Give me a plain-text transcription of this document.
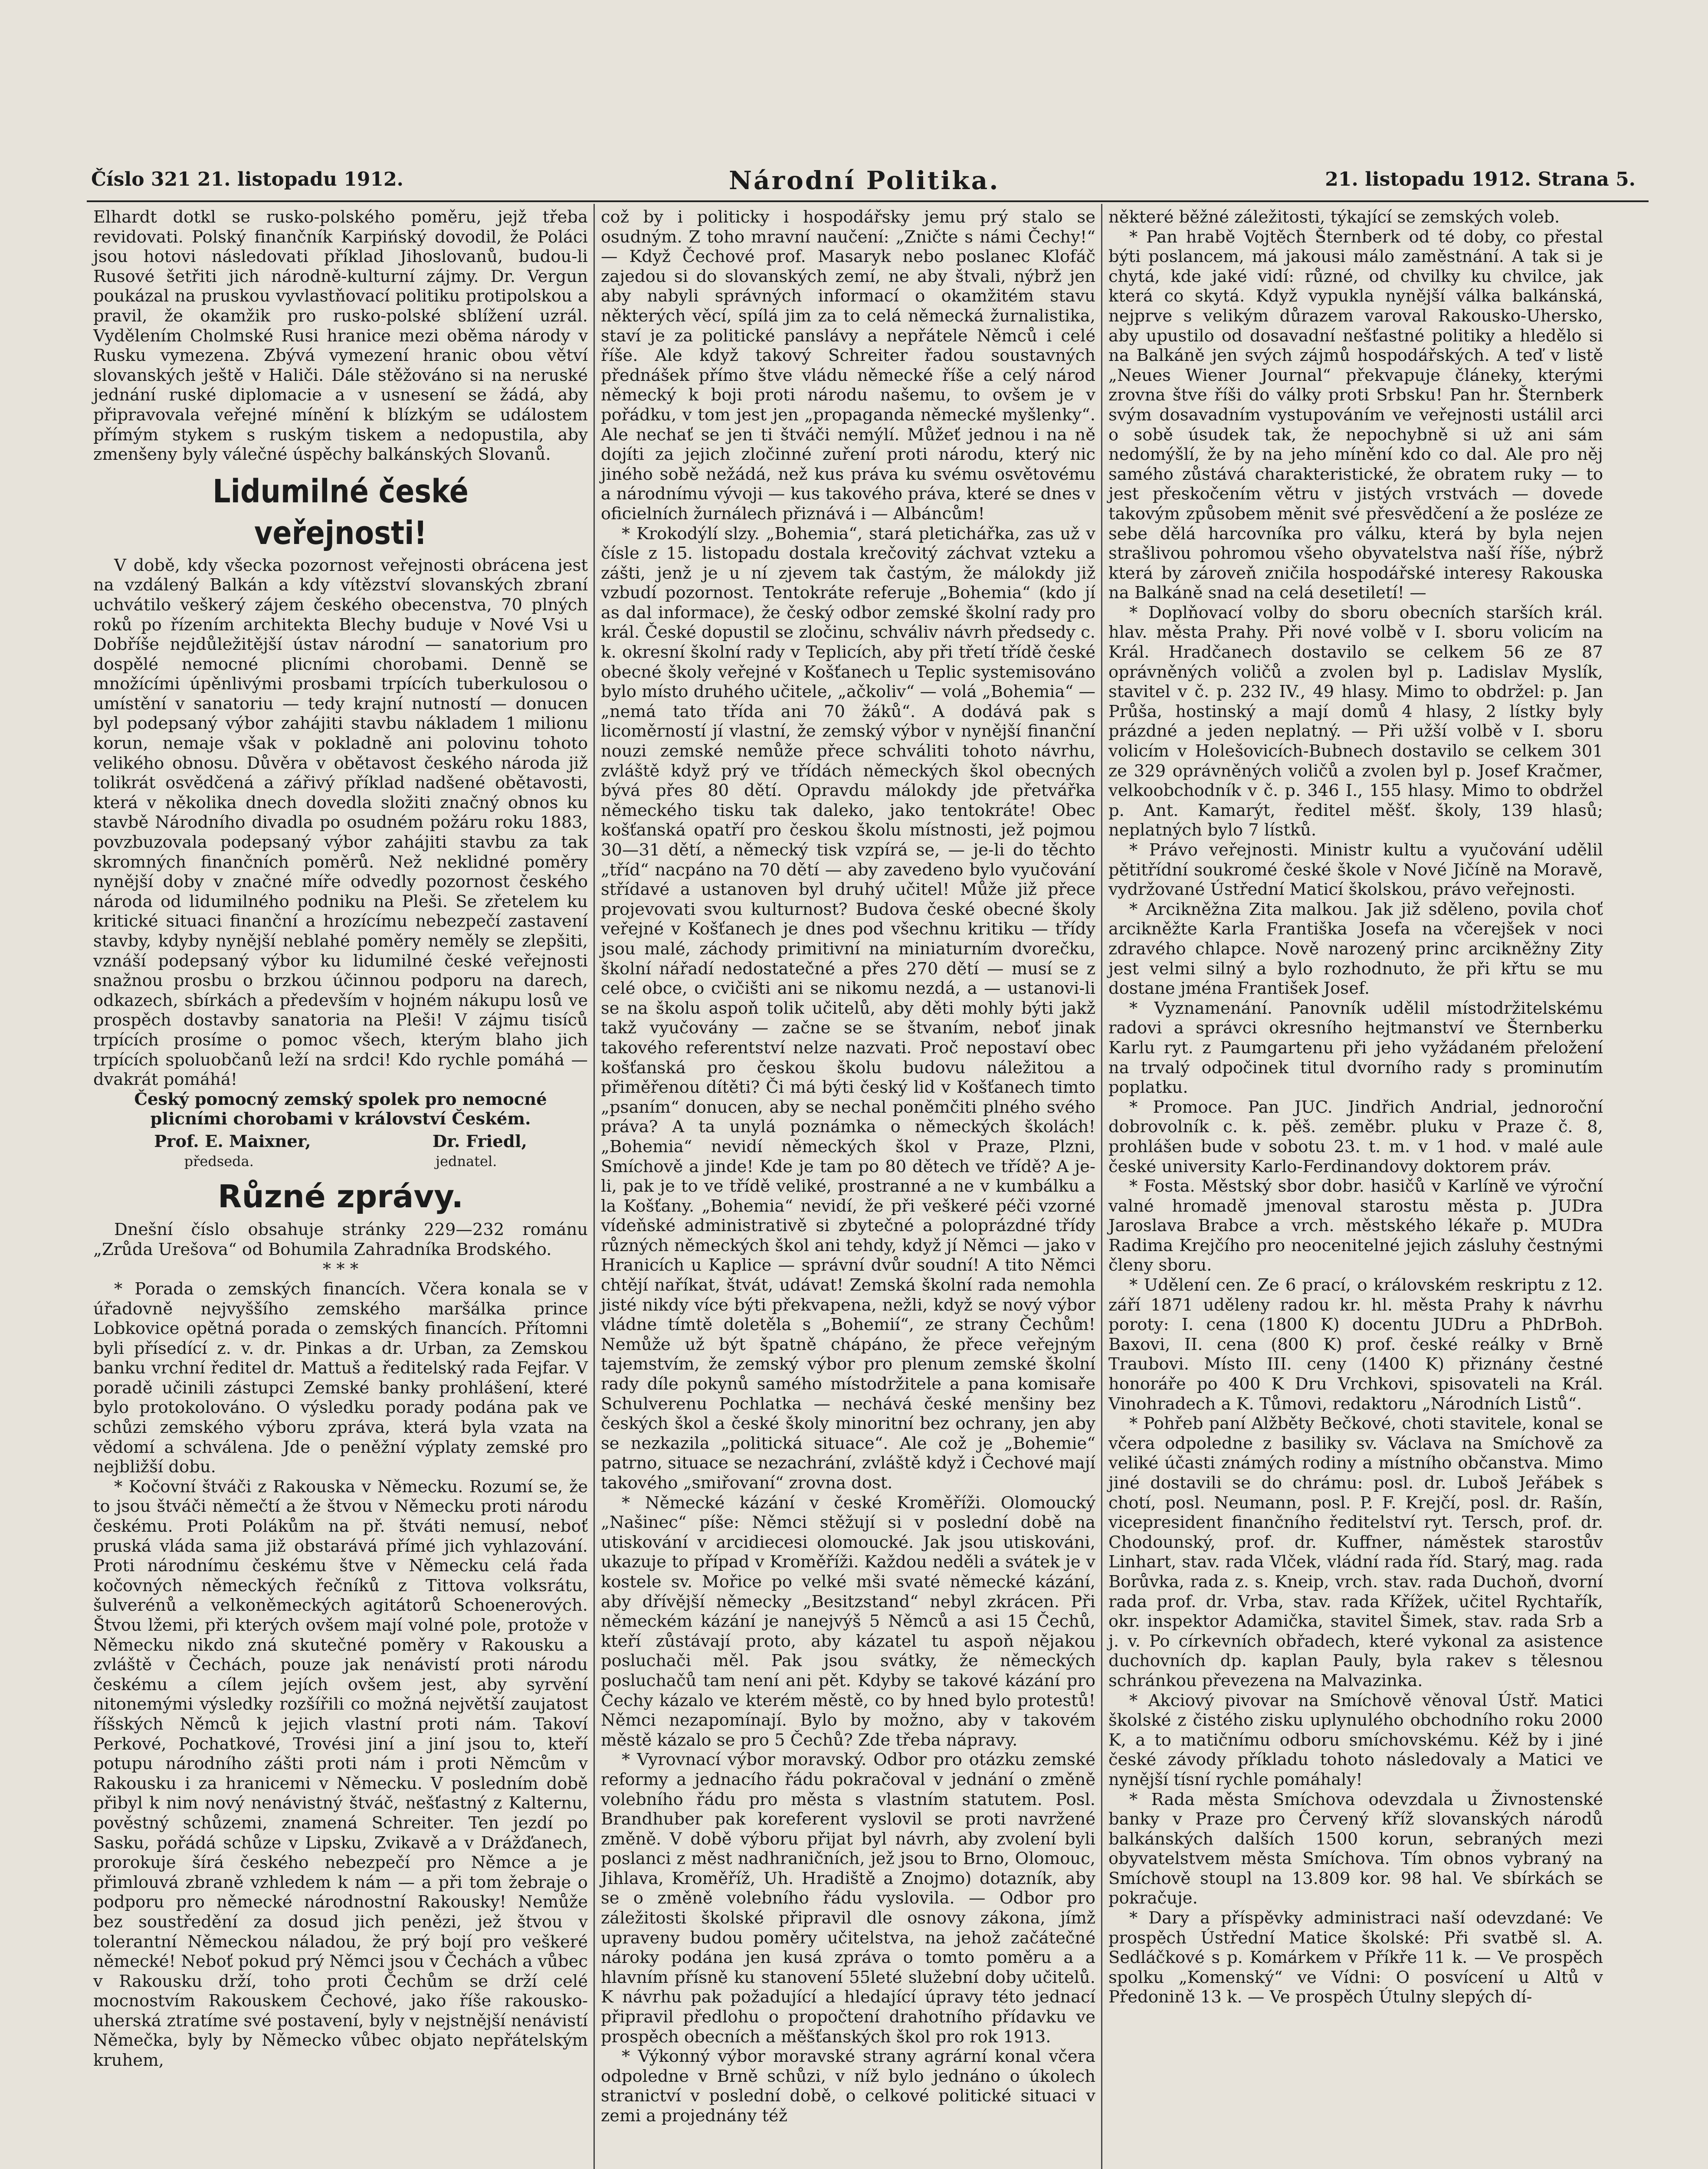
Číslo 321 21. listopadu 1912.	Národní Politika.	21. listopadu 1912. Strana 5.

Elhardt dotkl se rusko-polského poměru, jejž třeba revidovati. Polský finančník Karpińský dovodil, že Poláci jsou hotovi následovati příklad Jihoslovanů, budou-li Rusové šetřiti jich národně-kulturní zájmy. Dr. Vergun poukázal na pruskou vyvlastňovací politiku protipolskou a pravil, že okamžik pro rusko-polské sblížení uzrál. Vydělením Cholmské Rusi hranice mezi oběma národy v Rusku vymezena. Zbývá vymezení hranic obou větví slovanských ještě v Haliči. Dále stěžováno si na neruské jednání ruské diplomacie a v usnesení se žádá, aby připravovala veřejné mínění k blízkým se událostem přímým stykem s ruským tiskem a nedopustila, aby zmenšeny byly válečné úspěchy balkánských Slovanů.

Lidumilné české veřejnosti!

V době, kdy všecka pozornost veřejnosti obrácena jest na vzdálený Balkán a kdy vítězství slovanských zbraní uchvátilo veškerý zájem českého obecenstva, 70 plných roků po řízením architekta Blechy buduje v Nové Vsi u Dobříše nejdůležitější ústav národní — sanatorium pro dospělé nemocné plicními chorobami. Denně se množícími úpěnlivými prosbami trpících tuberkulosou o umístění v sanatoriu — tedy krajní nutností — donucen byl podepsaný výbor zahájiti stavbu nákladem 1 milionu korun, nemaje však v pokladně ani polovinu tohoto velikého obnosu. Důvěra v obětavost českého národa již tolikrát osvědčená a zářivý příklad nadšené obětavosti, která v několika dnech dovedla složiti značný obnos ku stavbě Národního divadla po osudném požáru roku 1883, povzbuzovala podepsaný výbor zahájiti stavbu za tak skromných finančních poměrů. Než neklidné poměry nynější doby v značné míře odvedly pozornost českého národa od lidumilného podniku na Pleši. Se zřetelem ku kritické situaci finanční a hrozícímu nebezpečí zastavení stavby, kdyby nynější neblahé poměry neměly se zlepšiti, vznáší podepsaný výbor ku lidumilné české veřejnosti snažnou prosbu o brzkou účinnou podporu na darech, odkazech, sbírkách a především v hojném nákupu losů ve prospěch dostavby sanatoria na Pleši! V zájmu tisíců trpících prosíme o pomoc všech, kterým blaho jich trpících spoluobčanů leží na srdci! Kdo rychle pomáhá — dvakrát pomáhá!

Český pomocný zemský spolek pro nemocné plicními chorobami v království Českém.

Prof. E. Maixner,	Dr. Friedl,
předseda.	jednatel.
Různé zprávy.

Dnešní číslo obsahuje stránky 229—232 románu „Zrůda Urešova“ od Bohumila Zahradníka Brodského.

* * *

* Porada o zemských financích. Včera konala se v úřadovně nejvyššího zemského maršálka prince Lobkovice opětná porada o zemských financích. Přítomni byli přísedící z. v. dr. Pinkas a dr. Urban, za Zemskou banku vrchní ředitel dr. Mattuš a ředitelský rada Fejfar. V poradě učinili zástupci Zemské banky prohlášení, které bylo protokolováno. O výsledku porady podána pak ve schůzi zemského výboru zpráva, která byla vzata na vědomí a schválena. Jde o peněžní výplaty zemské pro nejbližší dobu.

* Kočovní štváči z Rakouska v Německu. Rozumí se, že to jsou štváči němečtí a že štvou v Německu proti národu českému. Proti Polákům na př. štváti nemusí, neboť pruská vláda sama již obstarává přímé jich vyhlazování. Proti národnímu českému štve v Německu celá řada kočovných německých řečníků z Tittova volksrátu, šulverénů a velkoněmeckých agitátorů Schoenerových. Štvou lžemi, při kterých ovšem mají volné pole, protože v Německu nikdo zná skutečné poměry v Rakousku a zvláště v Čechách, pouze jak nenávistí proti národu českému a cílem jejích ovšem jest, aby syrvění nitonemými výsledky rozšířili co možná největší zaujatost říšských Němců k jejich vlastní proti nám. Takoví Perkové, Pochatkové, Trovési jiní a jiní jsou to, kteří potupu národního zášti proti nám i proti Němcům v Rakousku i za hranicemi v Německu. V posledním době přibyl k nim nový nenávistný štváč, nešťastný z Kalternu, pověstný schůzemi, znamená Schreiter. Ten jezdí po Sasku, pořádá schůze v Lipsku, Zvikavě a v Drážďanech, prorokuje šírá českého nebezpečí pro Němce a je přimlouvá zbraně vzhledem k nám — a při tom žebraje o podporu pro německé národnostní Rakousky! Nemůže bez soustředění za dosud jich penězi, jež štvou v tolerantní Německou náladou, že prý bojí pro veškeré německé! Neboť pokud prý Němci jsou v Čechách a vůbec v Rakousku drží, toho proti Čechům se drží celé mocnostvím Rakouskem Čechové, jako říše rakousko-uherská ztratíme své postavení, byly v nejstnější nenávistí Němečka, byly by Německo vůbec objato nepřátelským kruhem,

což by i politicky i hospodářsky jemu prý stalo se osudným. Z toho mravní naučení: „Zničte s námi Čechy!“ — Když Čechové prof. Masaryk nebo poslanec Klofáč zajedou si do slovanských zemí, ne aby štvali, nýbrž jen aby nabyli správných informací o okamžitém stavu některých věcí, spílá jim za to celá německá žurnalistika, staví je za politické panslávy a nepřátele Němců i celé říše. Ale když takový Schreiter řadou soustavných přednášek přímo štve vládu německé říše a celý národ německý k boji proti národu našemu, to ovšem je v pořádku, v tom jest jen „propaganda německé myšlenky“. Ale nechať se jen ti štváči nemýlí. Můžeť jednou i na ně dojíti za jejich zločinné zuření proti národu, který nic jiného sobě nežádá, než kus práva ku svému osvětovému a národnímu vývoji — kus takového práva, které se dnes v oficielních žurnálech přiznává i — Albáncům!

* Krokodýlí slzy. „Bohemia“, stará pletichářka, zas už v čísle z 15. listopadu dostala krečovitý záchvat vzteku a zášti, jenž je u ní zjevem tak častým, že málokdy již vzbudí pozornost. Tentokráte referuje „Bohemia“ (kdo jí as dal informace), že český odbor zemské školní rady pro král. České dopustil se zločinu, schváliv návrh předsedy c. k. okresní školní rady v Teplicích, aby při třetí třídě české obecné školy veřejné v Košťanech u Teplic systemisováno bylo místo druhého učitele, „ačkoliv“ — volá „Bohemia“ — „nemá tato třída ani 70 žáků“. A dodává pak s licoměrností jí vlastní, že zemský výbor v nynější finanční nouzi zemské nemůže přece schváliti tohoto návrhu, zvláště když prý ve třídách německých škol obecných bývá přes 80 dětí. Opravdu málokdy jde přetvářka německého tisku tak daleko, jako tentokráte! Obec košťanská opatří pro českou školu místnosti, jež pojmou 30—31 dětí, a německý tisk vzpírá se, — je-li do těchto „tříd“ nacpáno na 70 dětí — aby zavedeno bylo vyučování střídavé a ustanoven byl druhý učitel! Může již přece projevovati svou kulturnost? Budova české obecné školy veřejné v Košťanech je dnes pod všechnu kritiku — třídy jsou malé, záchody primitivní na miniaturním dvorečku, školní nářadí nedostatečné a přes 270 dětí — musí se z celé obce, o cvičišti ani se nikomu nezdá, a — ustanovi-li se na školu aspoň tolik učitelů, aby děti mohly býti jakž takž vyučovány — začne se se štvaním, neboť jinak takového referentství nelze nazvati. Proč nepostaví obec košťanská pro českou školu budovu náležitou a přiměřenou dítěti? Či má býti český lid v Košťanech timto „psaním“ donucen, aby se nechal poněmčiti plného svého práva? A ta unylá poznámka o německých školách! „Bohemia“ nevidí německých škol v Praze, Plzni, Smíchově a jinde! Kde je tam po 80 dětech ve třídě? A je-li, pak je to ve třídě veliké, prostranné a ne v kumbálku a la Košťany. „Bohemia“ nevidí, že při veškeré péči vzorné vídeňské administrativě si zbytečné a poloprázdné třídy různých německých škol ani tehdy, když jí Němci — jako v Hranicích u Kaplice — správní dvůr soudní! A tito Němci chtějí naříkat, štvát, udávat! Zemská školní rada nemohla jisté nikdy více býti překvapena, nežli, když se nový výbor vládne tímtě doletěla s „Bohemií“, ze strany Čechům! Nemůže už být špatně chápáno, že přece veřejným tajemstvím, že zemský výbor pro plenum zemské školní rady díle pokynů samého místodržitele a pana komisaře Schulverenu Pochlatka — nechává české menšiny bez českých škol a české školy minoritní bez ochrany, jen aby se nezkazila „politická situace“. Ale což je „Bohemie“ patrno, situace se nezachrání, zvláště když i Čechové mají takového „smiřovaní“ zrovna dost.

* Německé kázání v české Kroměříži. Olomoucký „Našinec“ píše: Němci stěžují si v poslední době na utiskování v arcidiecesi olomoucké. Jak jsou utiskováni, ukazuje to případ v Kroměříži. Každou neděli a svátek je v kostele sv. Mořice po velké mši svaté německé kázání, aby dřívější německy „Besitzstand“ nebyl zkrácen. Při německém kázání je nanejvýš 5 Němců a asi 15 Čechů, kteří zůstávají proto, aby kázatel tu aspoň nějakou posluchači měl. Pak jsou svátky, že německých posluchačů tam není ani pět. Kdyby se takové kázání pro Čechy kázalo ve kterém městě, co by hned bylo protestů! Němci nezapomínají. Bylo by možno, aby v takovém městě kázalo se pro 5 Čechů? Zde třeba nápravy.

* Vyrovnací výbor moravský. Odbor pro otázku zemské reformy a jednacího řádu pokračoval v jednání o změně volebního řádu pro města s vlastním statutem. Posl. Brandhuber pak koreferent vyslovil se proti navržené změně. V době výboru přijat byl návrh, aby zvolení byli poslanci z měst nadhraničních, jež jsou to Brno, Olomouc, Jihlava, Kroměříž, Uh. Hradiště a Znojmo) dotazník, aby se o změně volebního řádu vyslovila. — Odbor pro záležitosti školské připravil dle osnovy zákona, jímž upraveny budou poměry učitelstva, na jehož začátečné nároky podána jen kusá zpráva o tomto poměru a a hlavním přísně ku stanovení 55leté služební doby učitelů. K návrhu pak požadující a hledající úpravy této jednací připravil předlohu o propočtení drahotního přídavku ve prospěch obecních a měšťanských škol pro rok 1913.

* Výkonný výbor moravské strany agrární konal včera odpoledne v Brně schůzi, v níž bylo jednáno o úkolech stranictví v poslední době, o celkové politické situaci v zemi a projednány též

některé běžné záležitosti, týkající se zemských voleb.

* Pan hrabě Vojtěch Šternberk od té doby, co přestal býti poslancem, má jakousi málo zaměstnání. A tak si je chytá, kde jaké vidí: různé, od chvilky ku chvilce, jak která co skytá. Když vypukla nynější válka balkánská, nejprve s velikým důrazem varoval Rakousko-Uhersko, aby upustilo od dosavadní nešťastné politiky a hledělo si na Balkáně jen svých zájmů hospodářských. A teď v listě „Neues Wiener Journal“ překvapuje článeky, kterými zrovna štve říši do války proti Srbsku! Pan hr. Šternberk svým dosavadním vystupováním ve veřejnosti ustálil arci o sobě úsudek tak, že nepochybně si už ani sám nedomýšlí, že by na jeho mínění kdo co dal. Ale pro něj samého zůstává charakteristické, že obratem ruky — to jest přeskočením větru v jistých vrstvách — dovede takovým způsobem měnit své přesvědčení a že posléze ze sebe dělá harcovníka pro válku, která by byla nejen strašlivou pohromou všeho obyvatelstva naší říše, nýbrž která by zároveň zničila hospodářské interesy Rakouska na Balkáně snad na celá desetiletí! —

* Doplňovací volby do sboru obecních starších král. hlav. města Prahy. Při nové volbě v I. sboru volicím na Král. Hradčanech dostavilo se celkem 56 ze 87 oprávněných voličů a zvolen byl p. Ladislav Myslík, stavitel v č. p. 232 IV., 49 hlasy. Mimo to obdržel: p. Jan Průša, hostinský a mají domů 4 hlasy, 2 lístky byly prázdné a jeden neplatný. — Při užší volbě v I. sboru volicím v Holešovicích-Bubnech dostavilo se celkem 301 ze 329 oprávněných voličů a zvolen byl p. Josef Kračmer, velkoobchodník v č. p. 346 I., 155 hlasy. Mimo to obdržel p. Ant. Kamarýt, ředitel měšť. školy, 139 hlasů; neplatných bylo 7 lístků.

* Právo veřejnosti. Ministr kultu a vyučování udělil pětitřídní soukromé české škole v Nové Jičíně na Moravě, vydržované Ústřední Maticí školskou, právo veřejnosti.

* Arcikněžna Zita malkou. Jak již sděleno, povila choť arcikněžte Karla Františka Josefa na včerejšek v noci zdravého chlapce. Nově narozený princ arcikněžny Zity jest velmi silný a bylo rozhodnuto, že při křtu se mu dostane jména František Josef.

* Vyznamenání. Panovník udělil místodržitelskému radovi a správci okresního hejtmanství ve Šternberku Karlu ryt. z Paumgartenu při jeho vyžádaném přeložení na trvalý odpočinek titul dvorního rady s prominutím poplatku.

* Promoce. Pan JUC. Jindřich Andrial, jednoroční dobrovolník c. k. pěš. zeměbr. pluku v Praze č. 8, prohlášen bude v sobotu 23. t. m. v 1 hod. v malé aule české university Karlo-Ferdinandovy doktorem práv.

* Fosta. Městský sbor dobr. hasičů v Karlíně ve výroční valné hromadě jmenoval starostu města p. JUDra Jaroslava Brabce a vrch. městského lékaře p. MUDra Radima Krejčího pro neocenitelné jejich zásluhy čestnými členy sboru.

* Udělení cen. Ze 6 prací, o královském reskriptu z 12. září 1871 uděleny radou kr. hl. města Prahy k návrhu poroty: I. cena (1800 K) docentu JUDru a PhDrBoh. Baxovi, II. cena (800 K) prof. české reálky v Brně Traubovi. Místo III. ceny (1400 K) přiznány čestné honoráře po 400 K Dru Vrchkovi, spisovateli na Král. Vinohradech a K. Tůmovi, redaktoru „Národních Listů“.

* Pohřeb paní Alžběty Bečkové, choti stavitele, konal se včera odpoledne z basiliky sv. Václava na Smíchově za veliké účasti známých rodiny a místního občanstva. Mimo jiné dostavili se do chrámu: posl. dr. Luboš Jeřábek s chotí, posl. Neumann, posl. P. F. Krejčí, posl. dr. Rašín, vicepresident finančního ředitelství ryt. Tersch, prof. dr. Chodounský, prof. dr. Kuffner, náměstek starostův Linhart, stav. rada Vlček, vládní rada říd. Starý, mag. rada Borůvka, rada z. s. Kneip, vrch. stav. rada Duchoň, dvorní rada prof. dr. Vrba, stav. rada Křížek, učitel Rychtařík, okr. inspektor Adamička, stavitel Šimek, stav. rada Srb a j. v. Po církevních obřadech, které vykonal za asistence duchovních dp. kaplan Pauly, byla rakev s tělesnou schránkou převezena na Malvazinka.

* Akciový pivovar na Smíchově věnoval Ústř. Matici školské z čistého zisku uplynulého obchodního roku 2000 K, a to matičnímu odboru smíchovskému. Kéž by i jiné české závody příkladu tohoto následovaly a Matici ve nynější tísní rychle pomáhaly!

* Rada města Smíchova odevzdala u Živnostenské banky v Praze pro Červený kříž slovanských národů balkánských dalších 1500 korun, sebraných mezi obyvatelstvem města Smíchova. Tím obnos vybraný na Smíchově stoupl na 13.809 kor. 98 hal. Ve sbírkách se pokračuje.

* Dary a příspěvky administraci naší odevzdané: Ve prospěch Ústřední Matice školské: Při svatbě sl. A. Sedláčkové s p. Komárkem v Příkře 11 k. — Ve prospěch spolku „Komenský“ ve Vídni: O posvícení u Altů v Předonině 13 k. — Ve prospěch Útulny slepých dí-
